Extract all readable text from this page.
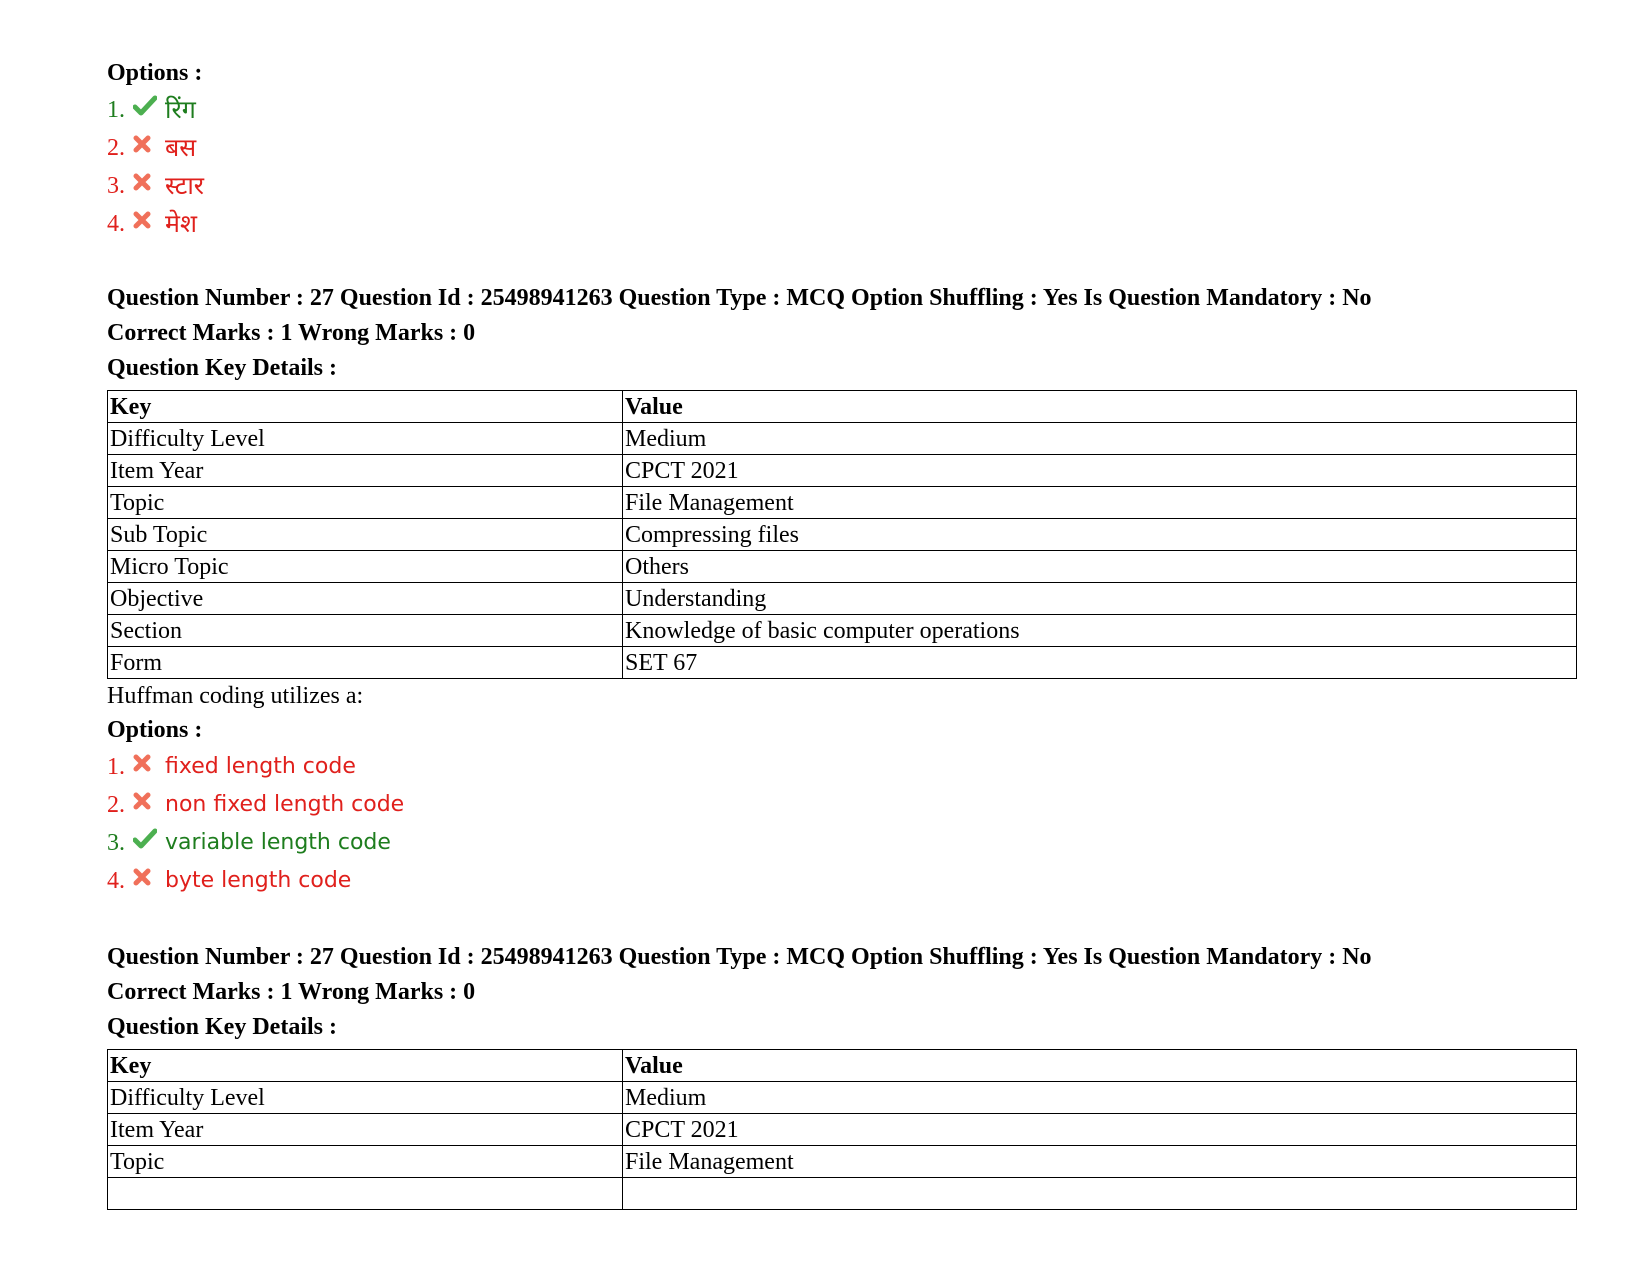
Options :
1.	रिंग
2.	बस
3.	स्टार
4.	मेश
Question Number : 27 Question Id : 25498941263 Question Type : MCQ Option Shuffling : Yes Is Question Mandatory : No
Correct Marks : 1 Wrong Marks : 0
Question Key Details :
Key	Value
Difficulty Level	Medium
Item Year	CPCT 2021
Topic	File Management
Sub Topic	Compressing files
Micro Topic	Others
Objective	Understanding
Section	Knowledge of basic computer operations
Form	SET 67
Huffman coding utilizes a:
Options :
1.	fixed length code
2.	non fixed length code
3.	variable length code
4.	byte length code
Question Number : 27 Question Id : 25498941263 Question Type : MCQ Option Shuffling : Yes Is Question Mandatory : No
Correct Marks : 1 Wrong Marks : 0
Question Key Details :
Key	Value
Difficulty Level	Medium
Item Year	CPCT 2021
Topic	File Management
